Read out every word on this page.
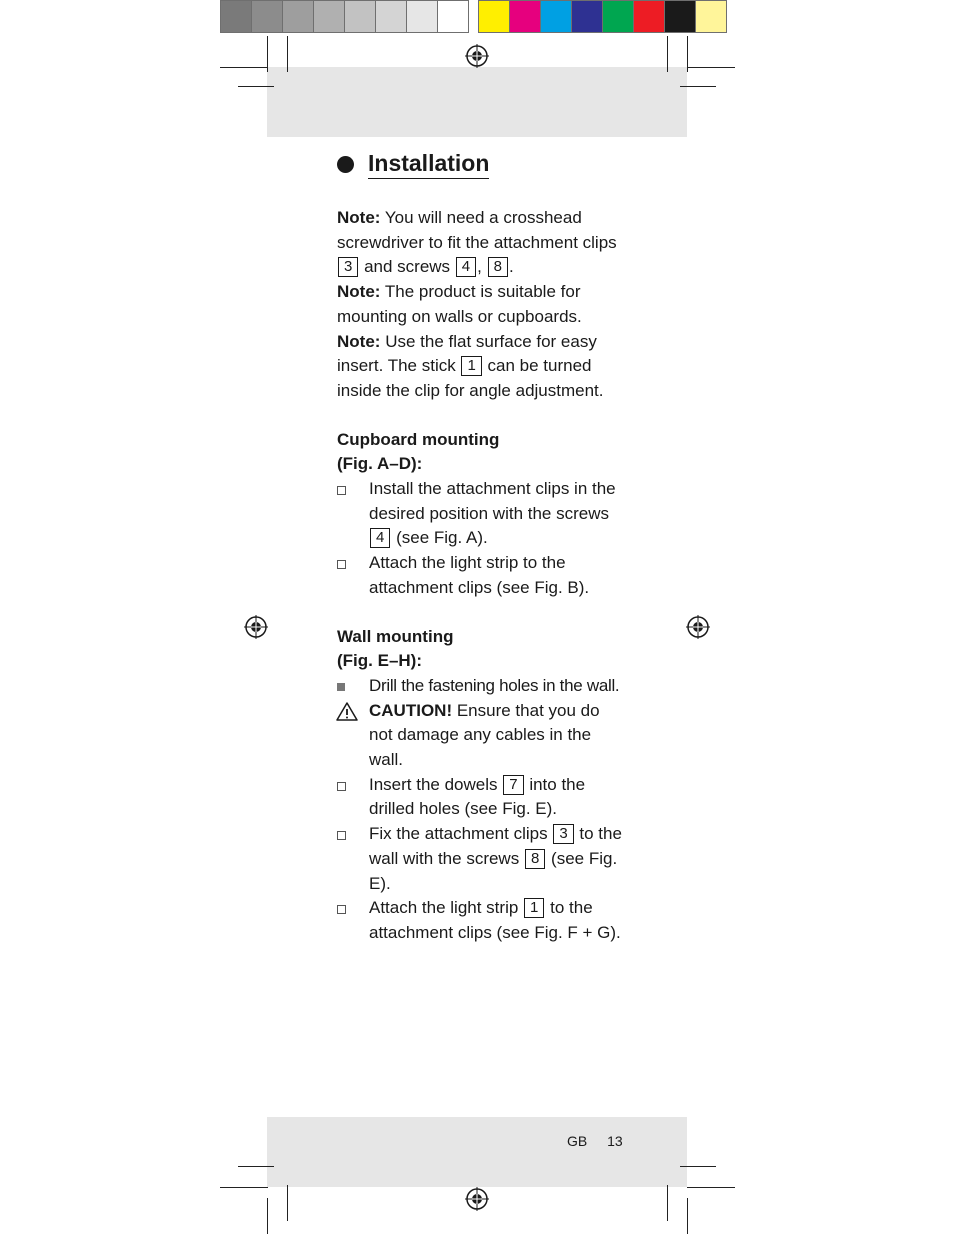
Installation

Note: You will need a crosshead screwdriver to fit the attachment clips 3 and screws 4 , 8 .

Note: The product is suitable for mounting on walls or cupboards.

Note: Use the flat surface for easy insert. The stick 1 can be turned inside the clip for angle adjustment.

Cupboard mounting
(Fig. A–D):
Install the attachment clips in the desired position with the screws 4 (see Fig. A).
Attach the light strip to the attachment clips (see Fig. B).
Wall mounting
(Fig. E–H):
Drill the fastening holes in the wall.
CAUTION! Ensure that you do not damage any cables in the wall.
Insert the dowels 7 into the drilled holes (see Fig. E).
Fix the attachment clips 3 to the wall with the screws 8 (see Fig. E).
Attach the light strip 1 to the attachment clips (see Fig. F + G).
GB 13
